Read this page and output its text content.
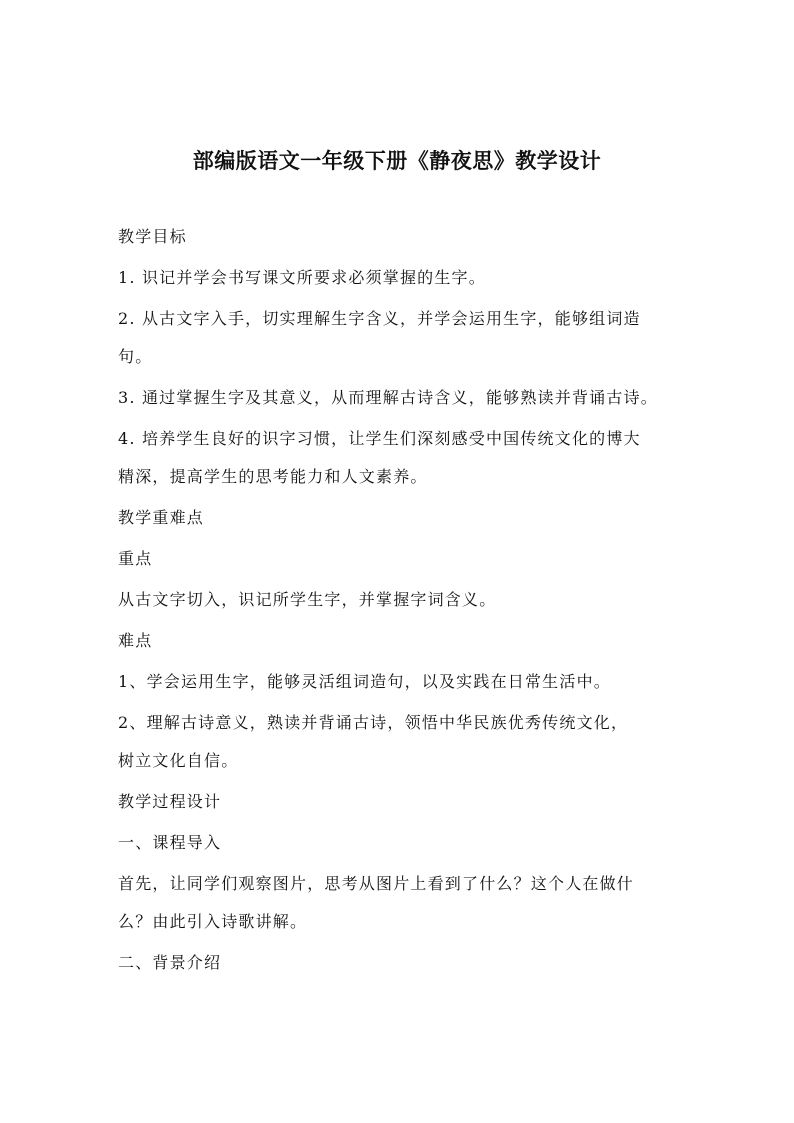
部编版语文一年级下册《静夜思》教学设计
教学目标
1. 识记并学会书写课文所要求必须掌握的生字。
2. 从古文字入手，切实理解生字含义，并学会运用生字，能够组词造
句。
3. 通过掌握生字及其意义，从而理解古诗含义，能够熟读并背诵古诗。
4. 培养学生良好的识字习惯，让学生们深刻感受中国传统文化的博大
精深，提高学生的思考能力和人文素养。
教学重难点
重点
从古文字切入，识记所学生字，并掌握字词含义。
难点
1、学会运用生字，能够灵活组词造句，以及实践在日常生活中。
2、理解古诗意义，熟读并背诵古诗，领悟中华民族优秀传统文化，
树立文化自信。
教学过程设计
一、课程导入
首先，让同学们观察图片，思考从图片上看到了什么？这个人在做什
么？由此引入诗歌讲解。
二、背景介绍
